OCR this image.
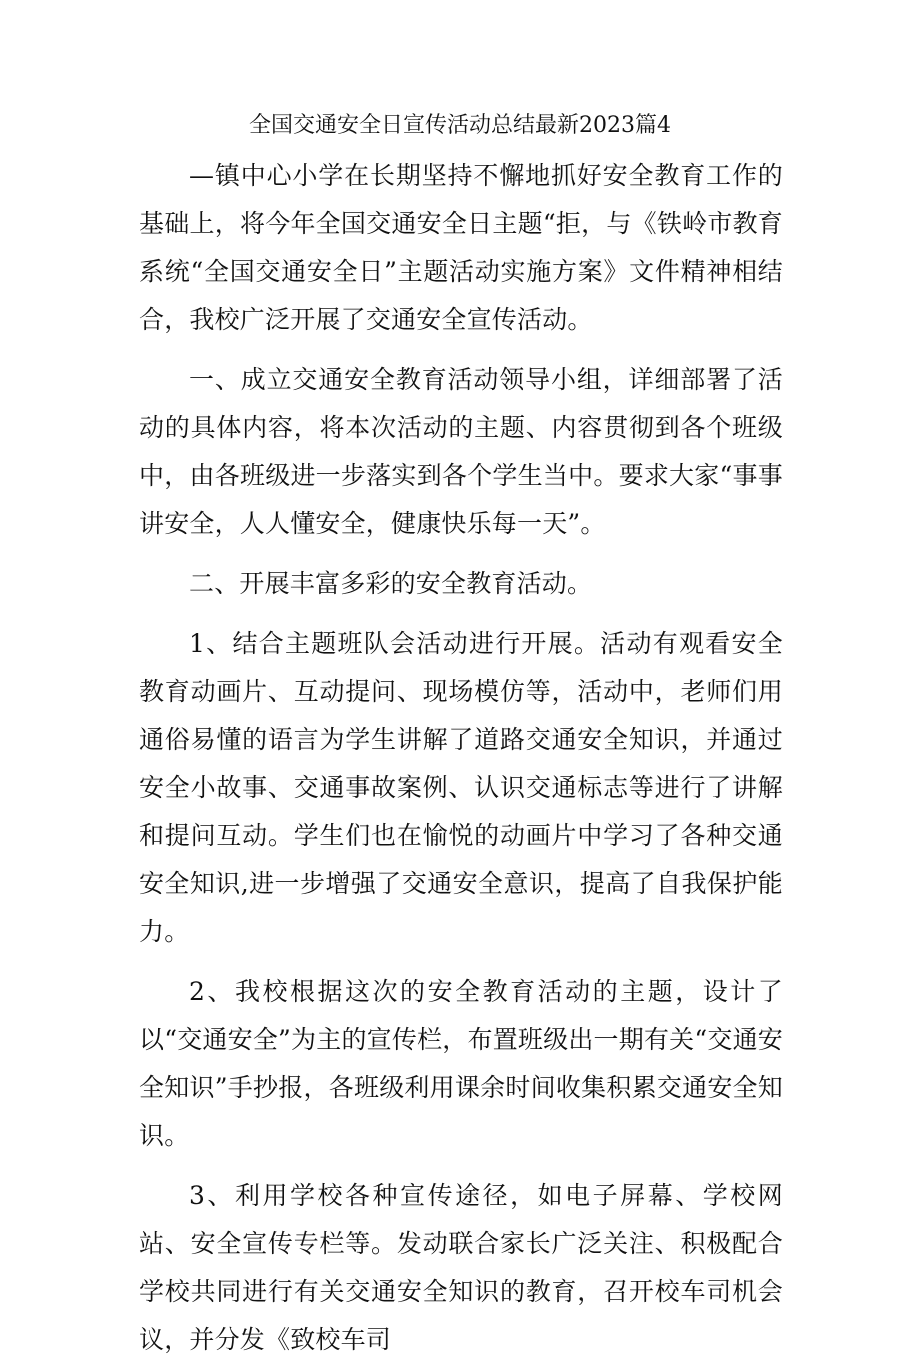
全国交通安全日宣传活动总结最新2023篇4

—镇中心小学在长期坚持不懈地抓好安全教育工作的基础上，将今年全国交通安全日主题“拒，与《铁岭市教育系统“全国交通安全日”主题活动实施方案》文件精神相结合，我校广泛开展了交通安全宣传活动。

一、成立交通安全教育活动领导小组，详细部署了活动的具体内容，将本次活动的主题、内容贯彻到各个班级中，由各班级进一步落实到各个学生当中。要求大家“事事讲安全，人人懂安全，健康快乐每一天”。

二、开展丰富多彩的安全教育活动。

1、结合主题班队会活动进行开展。活动有观看安全教育动画片、互动提问、现场模仿等，活动中，老师们用通俗易懂的语言为学生讲解了道路交通安全知识，并通过安全小故事、交通事故案例、认识交通标志等进行了讲解和提问互动。学生们也在愉悦的动画片中学习了各种交通安全知识,进一步增强了交通安全意识，提高了自我保护能力。

2、我校根据这次的安全教育活动的主题，设计了以“交通安全”为主的宣传栏，布置班级出一期有关“交通安全知识”手抄报，各班级利用课余时间收集积累交通安全知识。

3、利用学校各种宣传途径，如电子屏幕、学校网站、安全宣传专栏等。发动联合家长广泛关注、积极配合学校共同进行有关交通安全知识的教育，召开校车司机会议，并分发《致校车司
